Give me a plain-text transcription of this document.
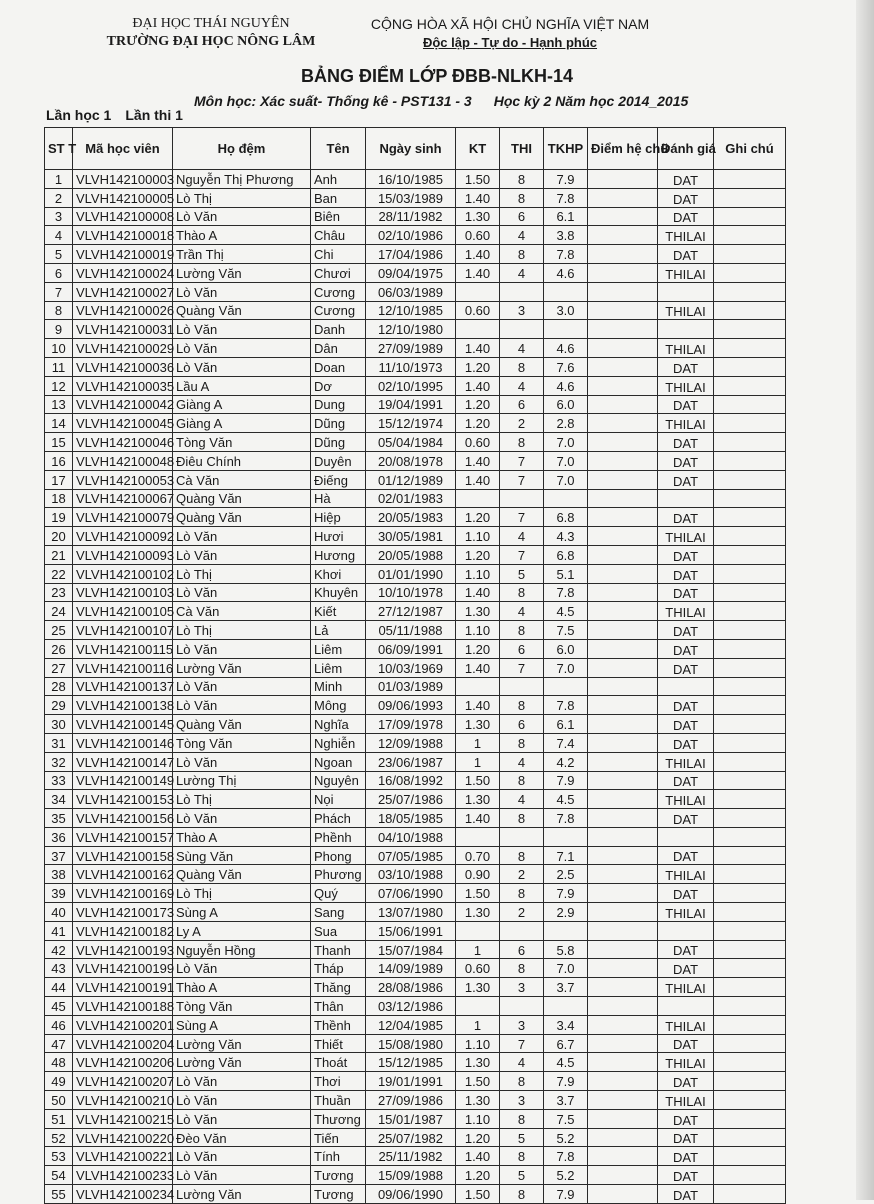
ĐẠI HỌC THÁI NGUYÊN
TRƯỜNG ĐẠI HỌC NÔNG LÂM
CỘNG HÒA XÃ HỘI CHỦ NGHĨA VIỆT NAM
Độc lập - Tự do - Hạnh phúc
BẢNG ĐIỂM LỚP ĐBB-NLKH-14
Môn học: Xác suất- Thống kê - PST131 - 3 Học kỳ 2 Năm học 2014_2015
Lần học 1 Lần thi 1
ST T	Mã học viên	Họ đệm	Tên	Ngày sinh	KT	THI	TKHP	Điểm hệ chữ	Đánh giá	Ghi chú
1	VLVH142100003	Nguyễn Thị Phương	Anh	16/10/1985	1.50	8	7.9		DAT	
2	VLVH142100005	Lò Thị	Ban	15/03/1989	1.40	8	7.8		DAT	
3	VLVH142100008	Lò Văn	Biên	28/11/1982	1.30	6	6.1		DAT	
4	VLVH142100018	Thào A	Châu	02/10/1986	0.60	4	3.8		THILAI	
5	VLVH142100019	Trần Thị	Chi	17/04/1986	1.40	8	7.8		DAT	
6	VLVH142100024	Lường Văn	Chươi	09/04/1975	1.40	4	4.6		THILAI	
7	VLVH142100027	Lò Văn	Cương	06/03/1989						
8	VLVH142100026	Quàng Văn	Cương	12/10/1985	0.60	3	3.0		THILAI	
9	VLVH142100031	Lò Văn	Danh	12/10/1980						
10	VLVH142100029	Lò Văn	Dân	27/09/1989	1.40	4	4.6		THILAI	
11	VLVH142100036	Lò Văn	Doan	11/10/1973	1.20	8	7.6		DAT	
12	VLVH142100035	Lầu A	Dơ	02/10/1995	1.40	4	4.6		THILAI	
13	VLVH142100042	Giàng A	Dung	19/04/1991	1.20	6	6.0		DAT	
14	VLVH142100045	Giàng A	Dũng	15/12/1974	1.20	2	2.8		THILAI	
15	VLVH142100046	Tòng Văn	Dũng	05/04/1984	0.60	8	7.0		DAT	
16	VLVH142100048	Điêu Chính	Duyên	20/08/1978	1.40	7	7.0		DAT	
17	VLVH142100053	Cà Văn	Điếng	01/12/1989	1.40	7	7.0		DAT	
18	VLVH142100067	Quàng Văn	Hà	02/01/1983						
19	VLVH142100079	Quàng Văn	Hiệp	20/05/1983	1.20	7	6.8		DAT	
20	VLVH142100092	Lò Văn	Hươi	30/05/1981	1.10	4	4.3		THILAI	
21	VLVH142100093	Lò Văn	Hương	20/05/1988	1.20	7	6.8		DAT	
22	VLVH142100102	Lò Thị	Khơi	01/01/1990	1.10	5	5.1		DAT	
23	VLVH142100103	Lò Văn	Khuyên	10/10/1978	1.40	8	7.8		DAT	
24	VLVH142100105	Cà Văn	Kiết	27/12/1987	1.30	4	4.5		THILAI	
25	VLVH142100107	Lò Thị	Lả	05/11/1988	1.10	8	7.5		DAT	
26	VLVH142100115	Lò Văn	Liêm	06/09/1991	1.20	6	6.0		DAT	
27	VLVH142100116	Lường Văn	Liêm	10/03/1969	1.40	7	7.0		DAT	
28	VLVH142100137	Lò Văn	Minh	01/03/1989						
29	VLVH142100138	Lò Văn	Mông	09/06/1993	1.40	8	7.8		DAT	
30	VLVH142100145	Quàng Văn	Nghĩa	17/09/1978	1.30	6	6.1		DAT	
31	VLVH142100146	Tòng Văn	Nghiễn	12/09/1988	1	8	7.4		DAT	
32	VLVH142100147	Lò Văn	Ngoan	23/06/1987	1	4	4.2		THILAI	
33	VLVH142100149	Lường Thị	Nguyên	16/08/1992	1.50	8	7.9		DAT	
34	VLVH142100153	Lò Thị	Nọi	25/07/1986	1.30	4	4.5		THILAI	
35	VLVH142100156	Lò Văn	Phách	18/05/1985	1.40	8	7.8		DAT	
36	VLVH142100157	Thào A	Phềnh	04/10/1988						
37	VLVH142100158	Sùng Văn	Phong	07/05/1985	0.70	8	7.1		DAT	
38	VLVH142100162	Quàng Văn	Phương	03/10/1988	0.90	2	2.5		THILAI	
39	VLVH142100169	Lò Thị	Quý	07/06/1990	1.50	8	7.9		DAT	
40	VLVH142100173	Sùng A	Sang	13/07/1980	1.30	2	2.9		THILAI	
41	VLVH142100182	Ly A	Sua	15/06/1991						
42	VLVH142100193	Nguyễn Hồng	Thanh	15/07/1984	1	6	5.8		DAT	
43	VLVH142100199	Lò Văn	Tháp	14/09/1989	0.60	8	7.0		DAT	
44	VLVH142100191	Thào A	Thăng	28/08/1986	1.30	3	3.7		THILAI	
45	VLVH142100188	Tòng Văn	Thân	03/12/1986						
46	VLVH142100201	Sùng A	Thềnh	12/04/1985	1	3	3.4		THILAI	
47	VLVH142100204	Lường Văn	Thiết	15/08/1980	1.10	7	6.7		DAT	
48	VLVH142100206	Lường Văn	Thoát	15/12/1985	1.30	4	4.5		THILAI	
49	VLVH142100207	Lò Văn	Thơi	19/01/1991	1.50	8	7.9		DAT	
50	VLVH142100210	Lò Văn	Thuần	27/09/1986	1.30	3	3.7		THILAI	
51	VLVH142100215	Lò Văn	Thương	15/01/1987	1.10	8	7.5		DAT	
52	VLVH142100220	Đèo Văn	Tiến	25/07/1982	1.20	5	5.2		DAT	
53	VLVH142100221	Lò Văn	Tính	25/11/1982	1.40	8	7.8		DAT	
54	VLVH142100233	Lò Văn	Tương	15/09/1988	1.20	5	5.2		DAT	
55	VLVH142100234	Lường Văn	Tương	09/06/1990	1.50	8	7.9		DAT	
